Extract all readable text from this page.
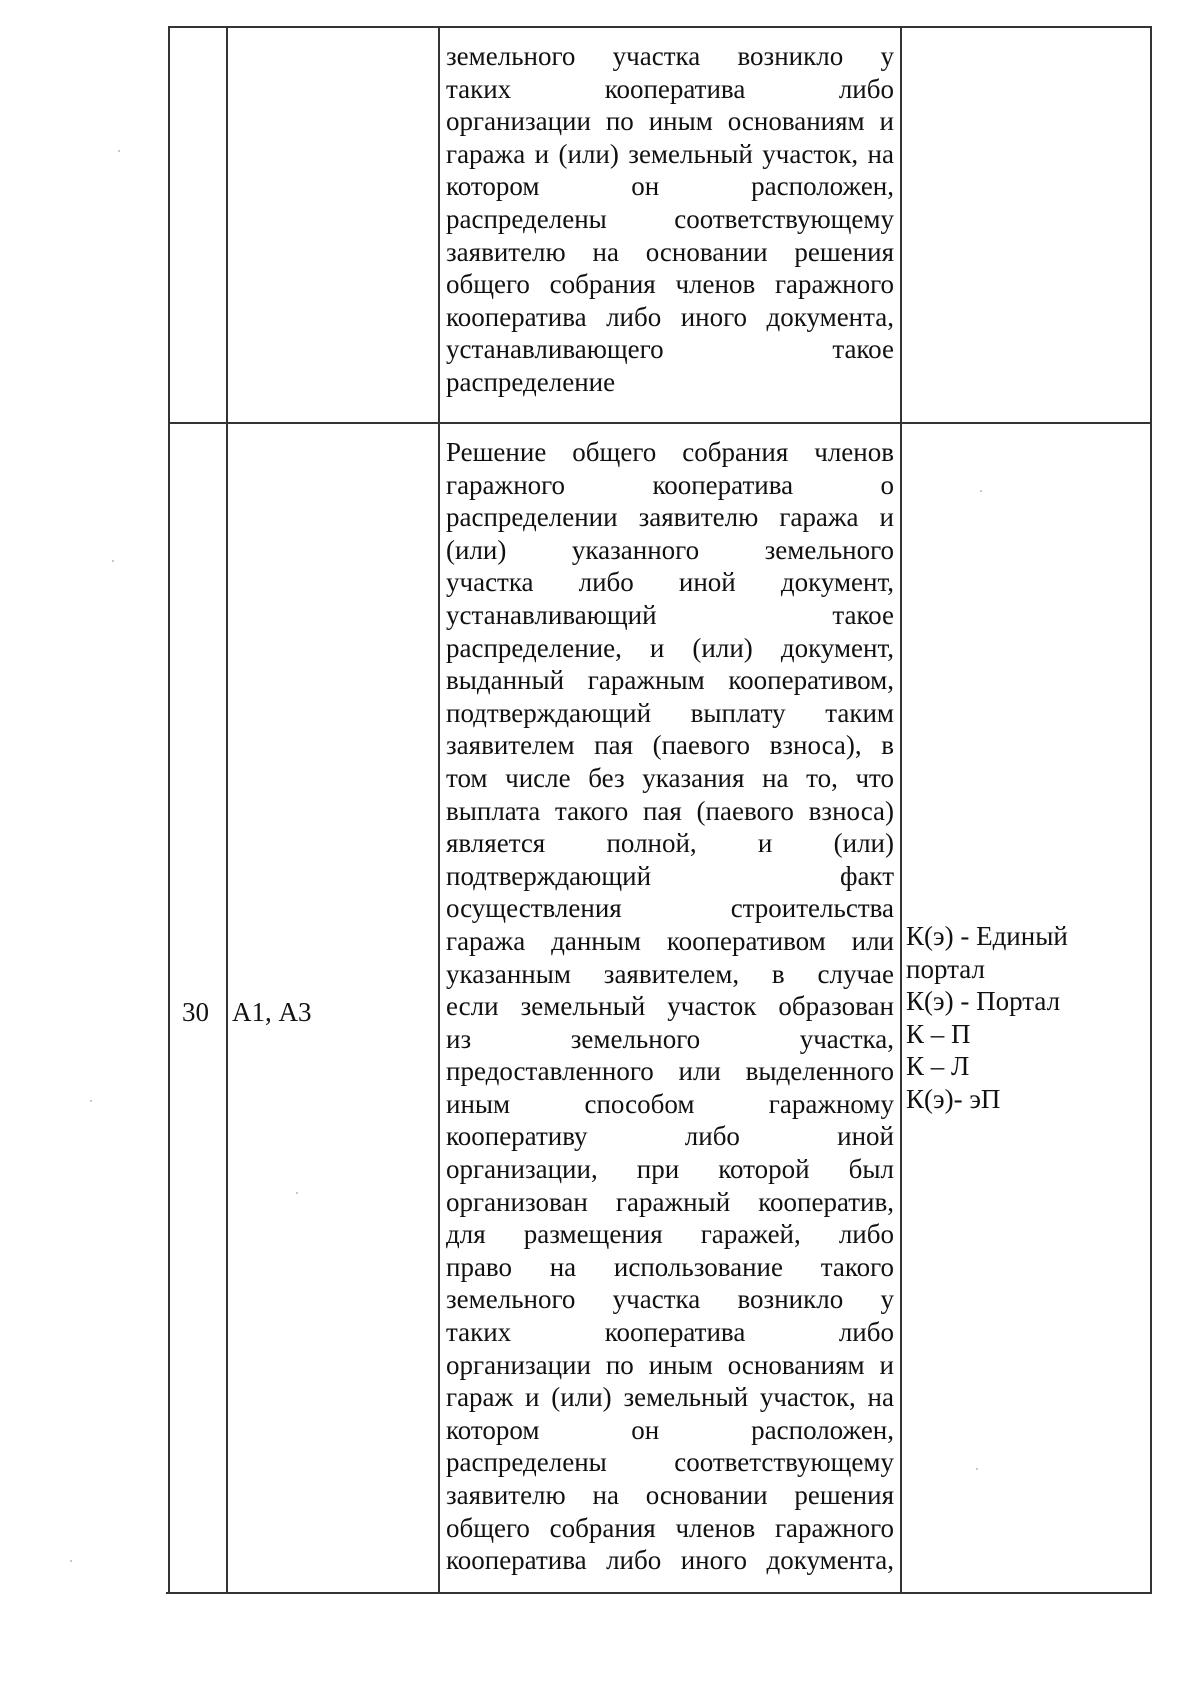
земельного участка возникло у
таких кооператива либо
организации по иным основаниям и
гаража и (или) земельный участок, на
котором он расположен,
распределены соответствующему
заявителю на основании решения
общего собрания членов гаражного
кооператива либо иного документа,
устанавливающего такое
распределение
30 А1, А3
Решение общего собрания членов
гаражного кооператива о
распределении заявителю гаража и
(или) указанного земельного
участка либо иной документ,
устанавливающий такое
распределение, и (или) документ,
выданный гаражным кооперативом,
подтверждающий выплату таким
заявителем пая (паевого взноса), в
том числе без указания на то, что
выплата такого пая (паевого взноса)
является полной, и (или)
подтверждающий факт
осуществления строительства
гаража данным кооперативом или
указанным заявителем, в случае
если земельный участок образован
из земельного участка,
предоставленного или выделенного
иным способом гаражному
кооперативу либо иной
организации, при которой был
организован гаражный кооператив,
для размещения гаражей, либо
право на использование такого
земельного участка возникло у
таких кооператива либо
организации по иным основаниям и
гараж и (или) земельный участок, на
котором он расположен,
распределены соответствующему
заявителю на основании решения
общего собрания членов гаражного
кооператива либо иного документа,
К(э) - Единый
портал
К(э) - Портал
К – П
К – Л
К(э)- эП
